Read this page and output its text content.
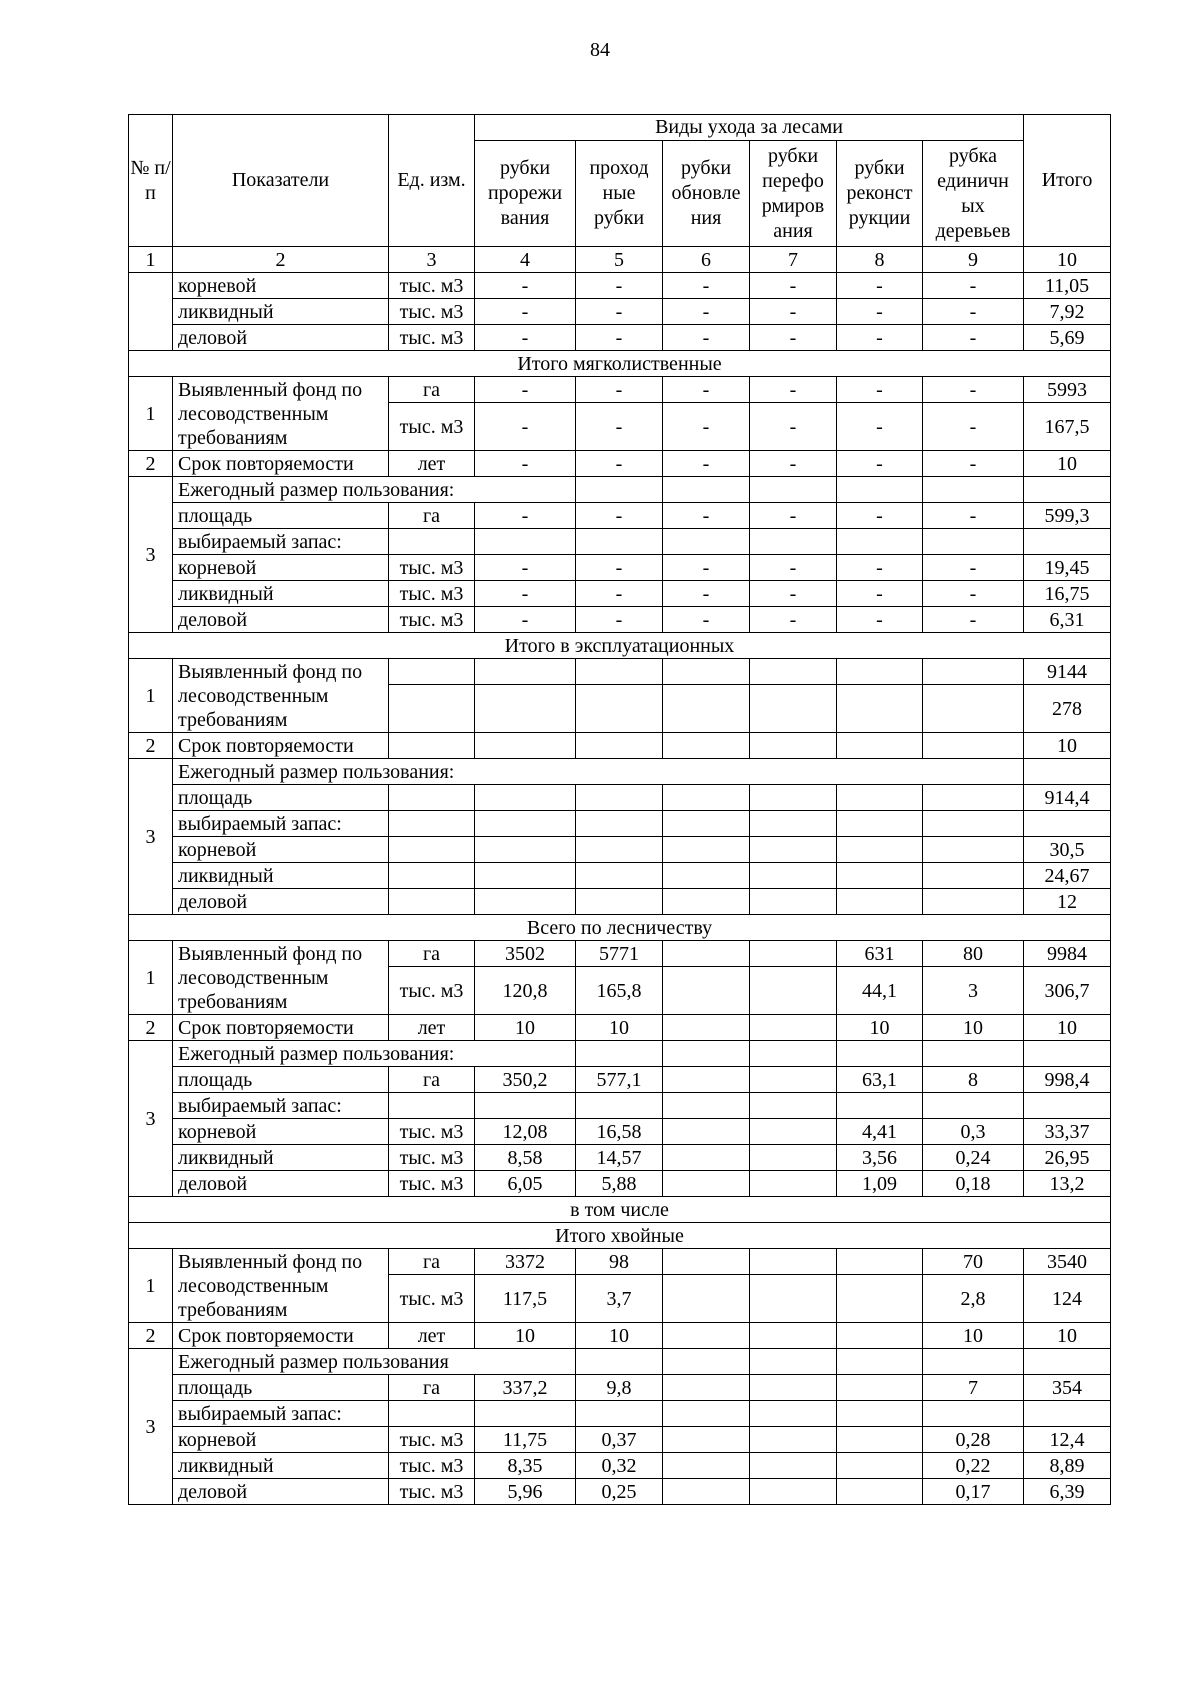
84
№ п/п	Показатели	Ед. изм.	Виды ухода за лесами						Итого	
			рубки прорежи вания	проход ные рубки	рубки обновле ния	рубки перефо рмиров ания	рубки реконст рукции	рубка единичн ых деревьев		
1	2	3	4	5	6	7	8	9	10	
	корневой	тыс. м3	-	-	-	-	-	-	11,05	
	ликвидный	тыс. м3	-	-	-	-	-	-	7,92	
	деловой	тыс. м3	-	-	-	-	-	-	5,69	
Итого мягколиственные										
1	Выявленный фонд по лесоводственным требованиям	га	-	-	-	-	-	-	5993	
		тыс. м3	-	-	-	-	-	-	167,5	
2	Срок повторяемости	лет	-	-	-	-	-	-	10	
3	Ежегодный размер пользования:									
	площадь	га	-	-	-	-	-	-	599,3	
	выбираемый запас:									
	корневой	тыс. м3	-	-	-	-	-	-	19,45	
	ликвидный	тыс. м3	-	-	-	-	-	-	16,75	
	деловой	тыс. м3	-	-	-	-	-	-	6,31	
Итого в эксплуатационных										
1	Выявленный фонд по лесоводственным требованиям								9144	
									278	
2	Срок повторяемости								10	
3	Ежегодный размер пользования:									
	площадь								914,4	
	выбираемый запас:									
	корневой								30,5	
	ликвидный								24,67	
	деловой								12	
Всего по лесничеству										
1	Выявленный фонд по лесоводственным требованиям	га	3502	5771			631	80	9984	
		тыс. м3	120,8	165,8			44,1	3	306,7	
2	Срок повторяемости	лет	10	10			10	10	10	
3	Ежегодный размер пользования:									
	площадь	га	350,2	577,1			63,1	8	998,4	
	выбираемый запас:									
	корневой	тыс. м3	12,08	16,58			4,41	0,3	33,37	
	ликвидный	тыс. м3	8,58	14,57			3,56	0,24	26,95	
	деловой	тыс. м3	6,05	5,88			1,09	0,18	13,2	
в том числе										
Итого хвойные										
1	Выявленный фонд по лесоводственным требованиям	га	3372	98				70	3540	
		тыс. м3	117,5	3,7				2,8	124	
2	Срок повторяемости	лет	10	10				10	10	
3	Ежегодный размер пользования									
	площадь	га	337,2	9,8				7	354	
	выбираемый запас:									
	корневой	тыс. м3	11,75	0,37				0,28	12,4	
	ликвидный	тыс. м3	8,35	0,32				0,22	8,89	
	деловой	тыс. м3	5,96	0,25				0,17	6,39	
